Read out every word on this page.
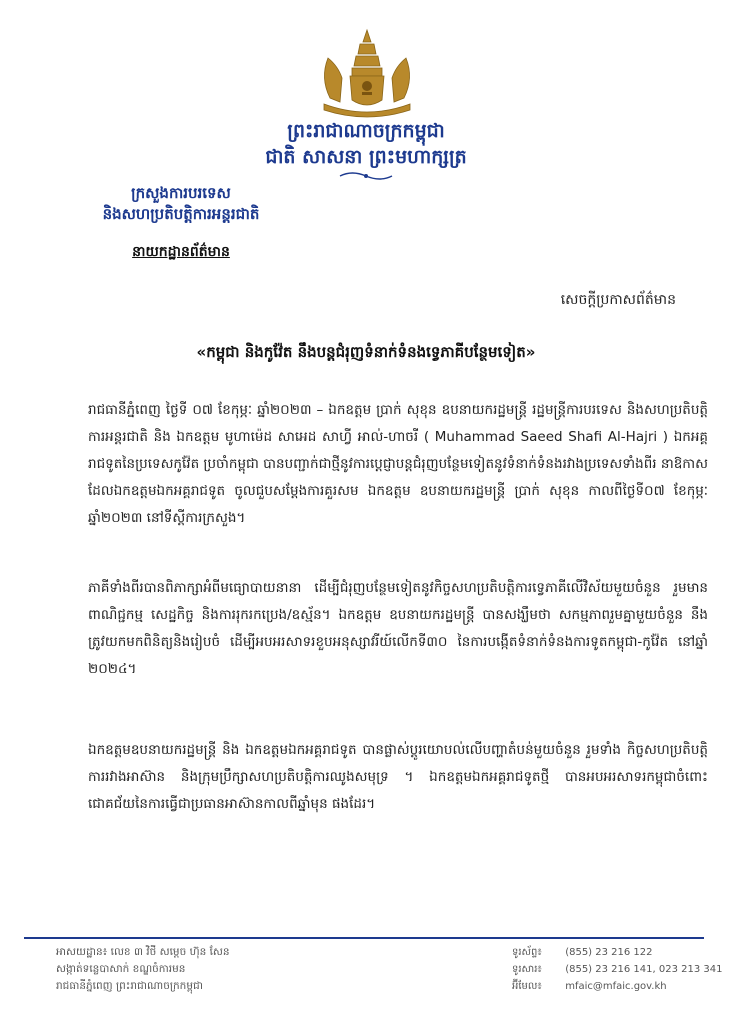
ព្រះរាជាណាចក្រកម្ពុជា
ជាតិ សាសនា ព្រះមហាក្សត្រ
ក្រសួងការបរទេស
និងសហប្រតិបត្តិការអន្តរជាតិ
នាយកដ្ឋានព័ត៌មាន
សេចក្តីប្រកាសព័ត៌មាន
«កម្ពុជា និងកូវ៉ែត នឹងបន្តជំរុញទំនាក់ទំនងទ្វេភាគីបន្ថែមទៀត»
រាជធានីភ្នំពេញ ថ្ងៃទី ០៧ ខែកុម្ភៈ ឆ្នាំ២០២៣ – ឯកឧត្តម ប្រាក់ សុខុន ឧបនាយករដ្ឋមន្ត្រី រដ្ឋមន្ត្រីការបរទេស និងសហប្រតិបត្តិការអន្តរជាតិ និង ឯកឧត្តម មូហាម៉េដ សាអេដ សាហ្វី អាល់-ហាចរី ( Muhammad Saeed Shafi Al-Hajri ) ឯកអគ្គរាជទូតនៃប្រទេសកូវ៉ែត ប្រចាំកម្ពុជា បានបញ្ជាក់ជាថ្មីនូវការប្តេជ្ញាបន្តជំរុញបន្ថែមទៀតនូវទំនាក់ទំនងរវាងប្រទេសទាំងពីរ នាឱកាសដែលឯកឧត្តមឯកអគ្គរាជទូត ចូលជួបសម្តែងការគួរសម ឯកឧត្តម ឧបនាយករដ្ឋមន្ត្រី ប្រាក់ សុខុន កាលពីថ្ងៃទី០៧ ខែកុម្ភៈ ឆ្នាំ២០២៣ នៅទីស្តីការក្រសួង។
ភាគីទាំងពីរបានពិភាក្សាអំពីមធ្យោបាយនានា ដើម្បីជំរុញបន្ថែមទៀតនូវកិច្ចសហប្រតិបត្តិការទ្វេភាគីលើវិស័យមួយចំនួន រួមមាន ពាណិជ្ជកម្ម សេដ្ឋកិច្ច និងការរុករកប្រេង/ឧស្ម័ន។ ឯកឧត្តម ឧបនាយករដ្ឋមន្ត្រី បានសង្ឃឹមថា សកម្មភាពរួមគ្នាមួយចំនួន នឹងត្រូវយកមកពិនិត្យនិងរៀបចំ ដើម្បីអបអរសាទរខួបអនុស្សាវរីយ៍លើកទី៣០ នៃការបង្កើតទំនាក់ទំនងការទូតកម្ពុជា-កូវ៉ែត នៅឆ្នាំ ២០២៤។
ឯកឧត្តមឧបនាយករដ្ឋមន្ត្រី និង ឯកឧត្តមឯកអគ្គរាជទូត បានផ្លាស់ប្តូរយោបល់លើបញ្ហាតំបន់មួយចំនួន រួមទាំង កិច្ចសហប្រតិបត្តិការរវាងអាស៊ាន និងក្រុមប្រឹក្សាសហប្រតិបត្តិការឈូងសមុទ្រ ។ ឯកឧត្តមឯកអគ្គរាជទូតថ្មី បានអបអរសាទរកម្ពុជាចំពោះជោគជ័យនៃការធ្វើជាប្រធានអាស៊ានកាលពីឆ្នាំមុន ផងដែរ។
អាសយដ្ឋាន៖ លេខ ៣ វិថី សម្តេច ហ៊ុន សែន
សង្កាត់ទន្លេបាសាក់ ខណ្ឌចំការមន
រាជធានីភ្នំពេញ ព្រះរាជាណាចក្រកម្ពុជា
ទូរស័ព្ទ៖ (855) 23 216 122
ទូរសារ៖ (855) 23 216 141, 023 213 341
អ៊ីមែល៖ mfaic@mfaic.gov.kh
